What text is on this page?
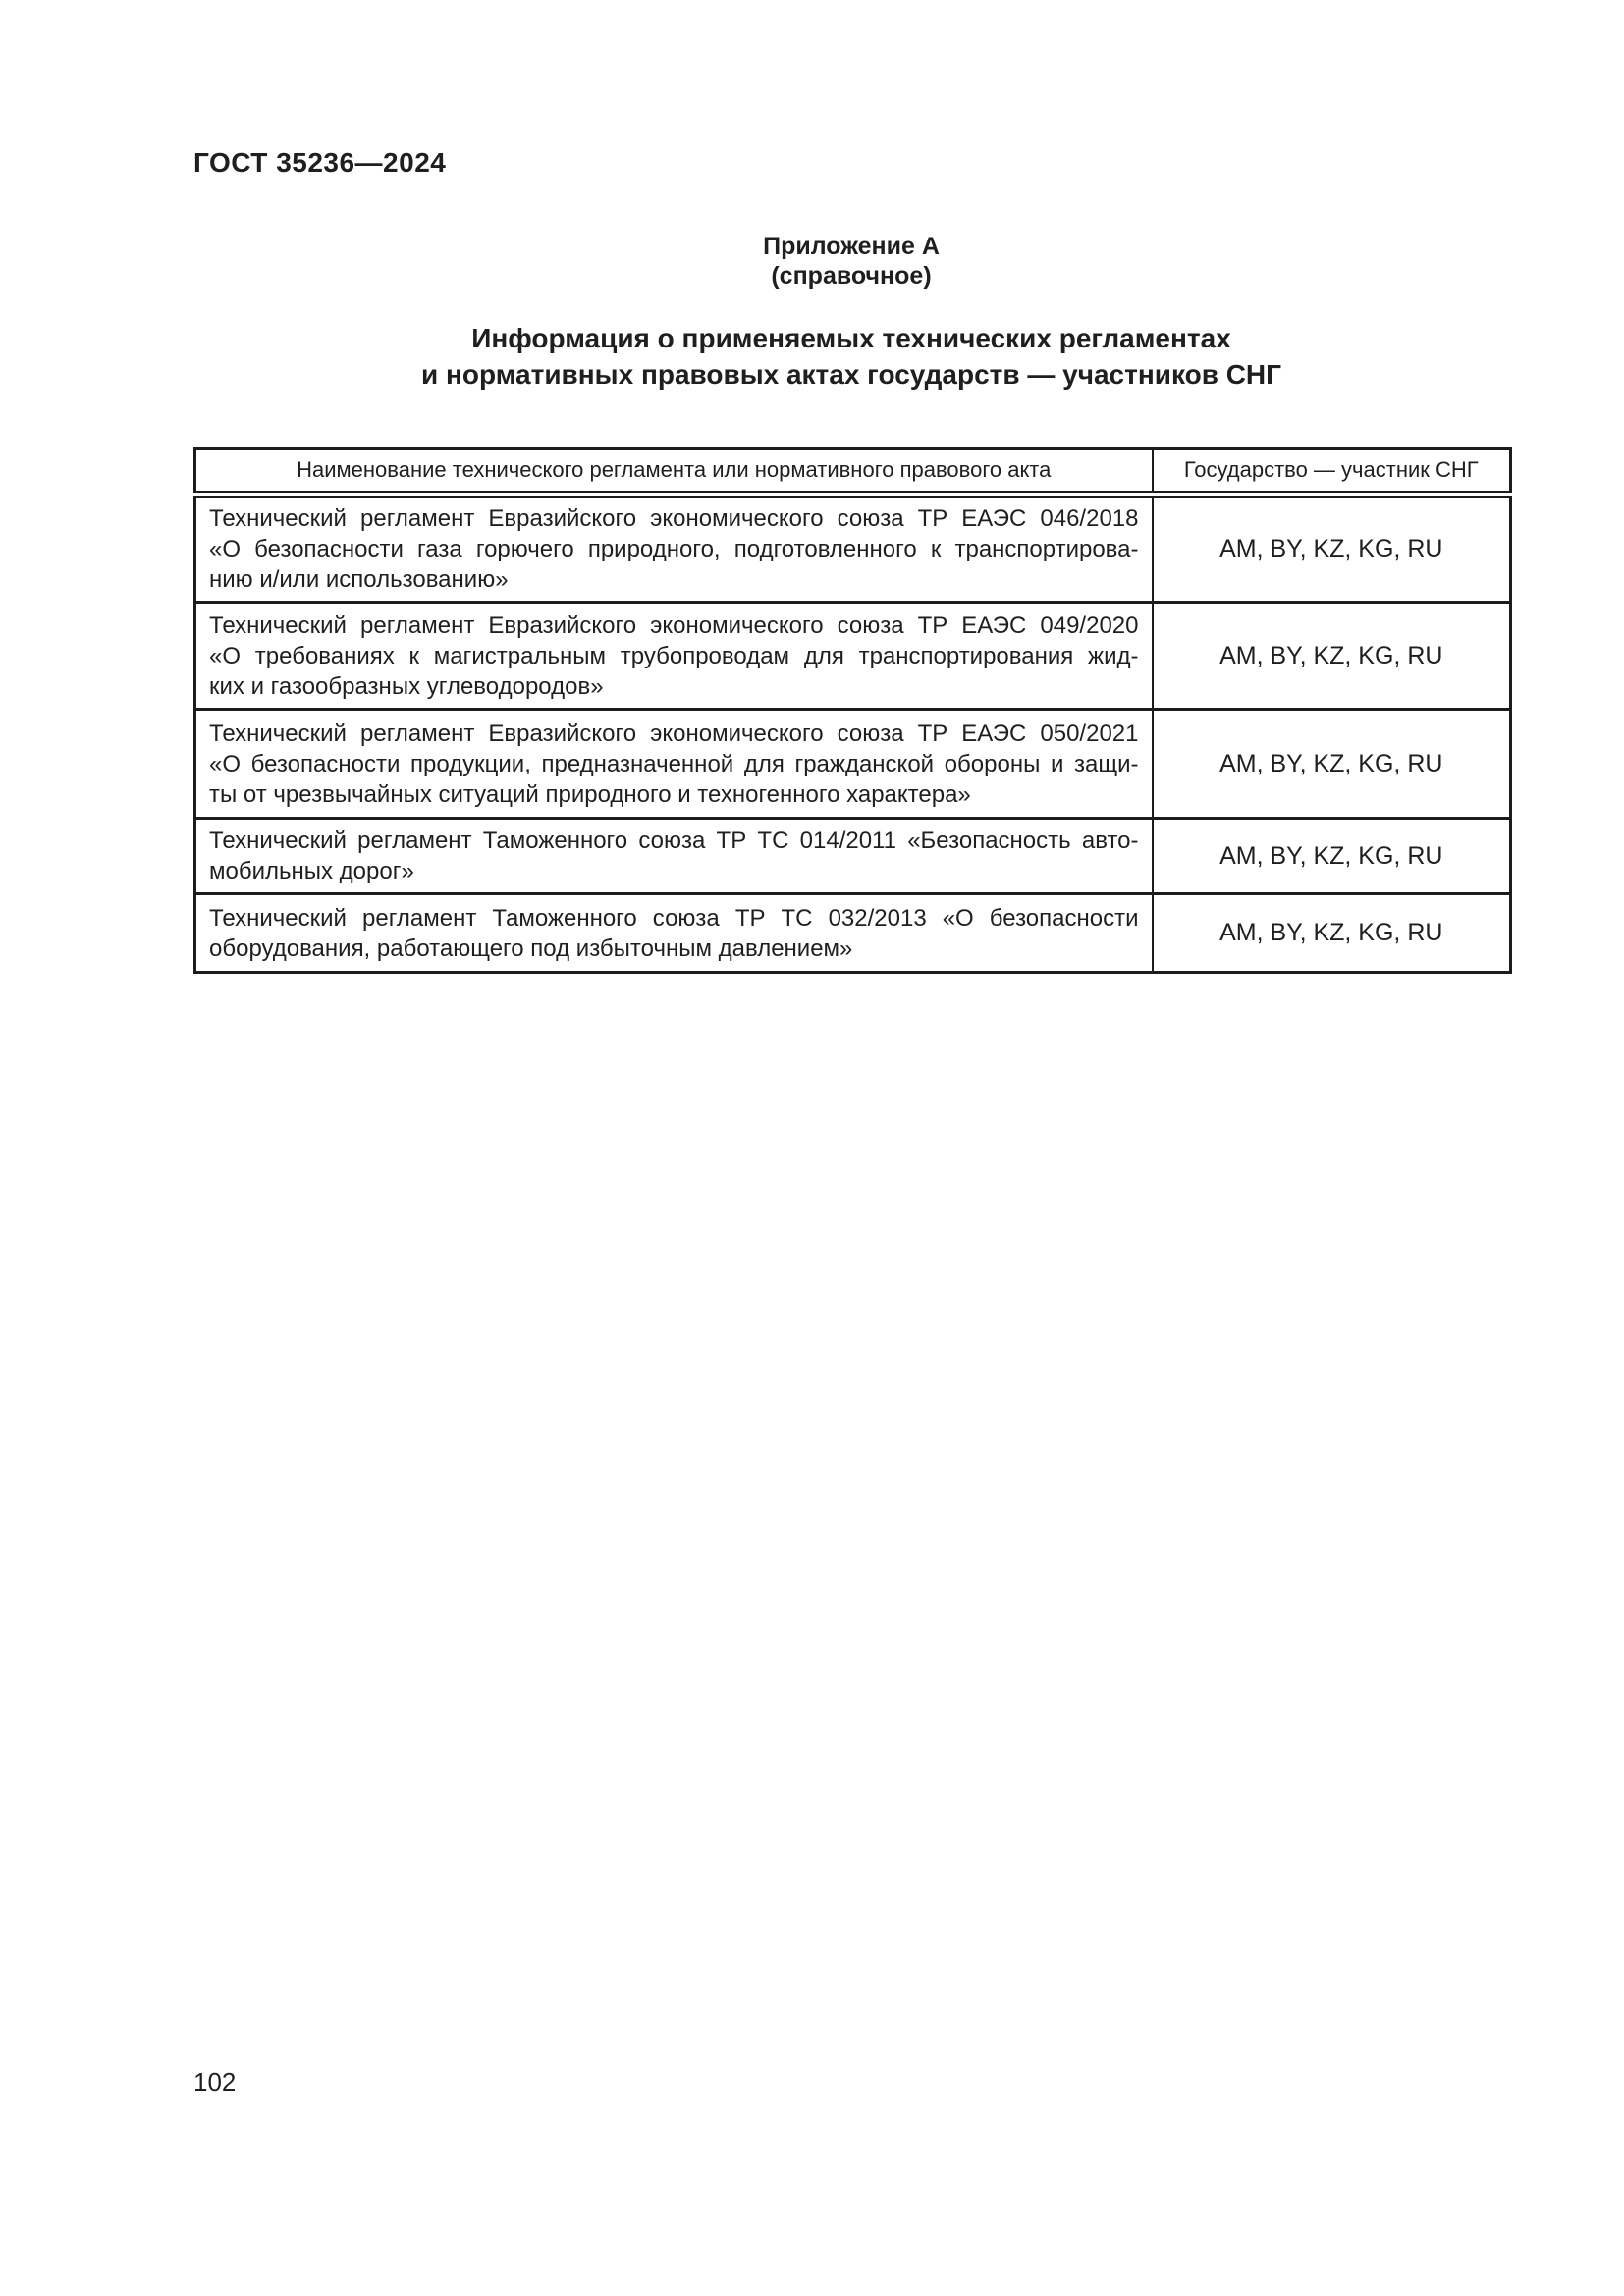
ГОСТ 35236—2024
Приложение А
(справочное)
Информация о применяемых технических регламентах
и нормативных правовых актах государств — участников СНГ
Наименование технического регламента или нормативного правового акта	Государство — участник СНГ

Технический регламент Евразийского экономического союза ТР ЕАЭС 046/2018
«О безопасности газа горючего природного, подготовленного к транспортирова-
нию и/или использованию»	AM, BY, KZ, KG, RU

Технический регламент Евразийского экономического союза ТР ЕАЭС 049/2020
«О требованиях к магистральным трубопроводам для транспортирования жид-
ких и газообразных углеводородов»	AM, BY, KZ, KG, RU

Технический регламент Евразийского экономического союза ТР ЕАЭС 050/2021
«О безопасности продукции, предназначенной для гражданской обороны и защи-
ты от чрезвычайных ситуаций природного и техногенного характера»	AM, BY, KZ, KG, RU

Технический регламент Таможенного союза ТР ТС 014/2011 «Безопасность авто-
мобильных дорог»	AM, BY, KZ, KG, RU

Технический регламент Таможенного союза ТР ТС 032/2013 «О безопасности
оборудования, работающего под избыточным давлением»	AM, BY, KZ, KG, RU
102
